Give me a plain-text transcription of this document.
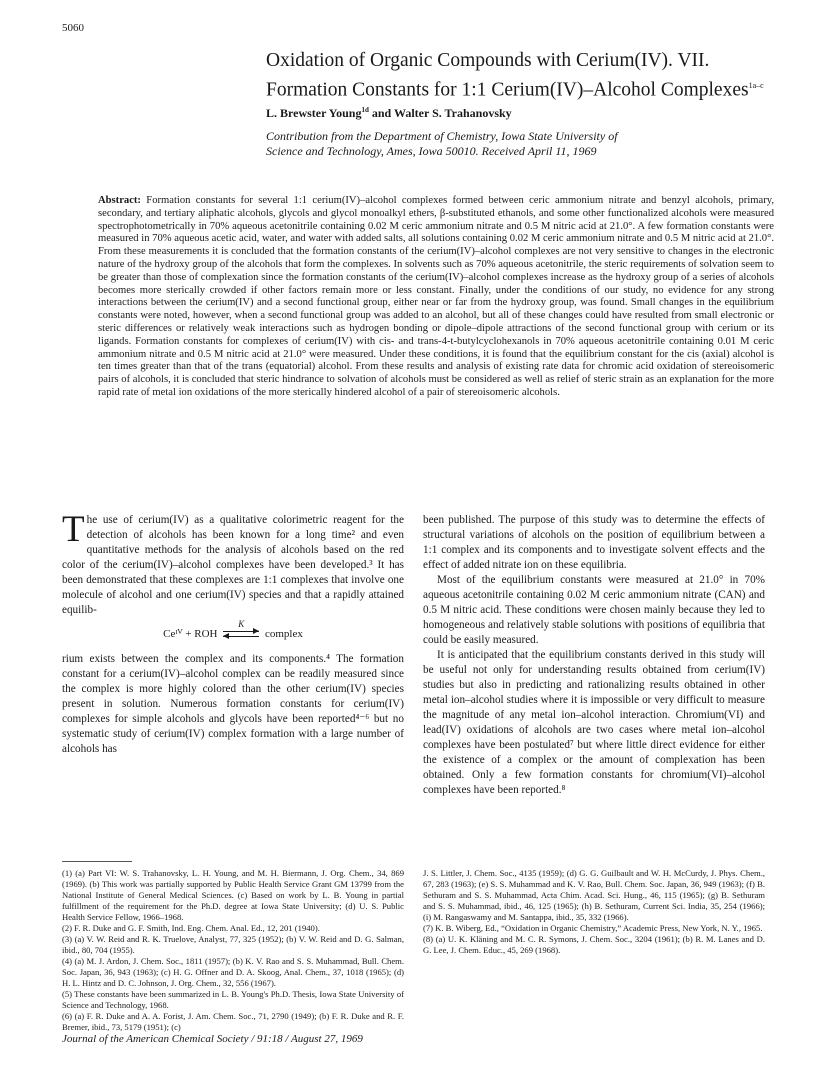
5060
Oxidation of Organic Compounds with Cerium(IV). VII.
Formation Constants for 1:1 Cerium(IV)–Alcohol Complexes$^{1a-c}$
L. Brewster Young$^{1d}$ and Walter S. Trahanovsky
Contribution from the Department of Chemistry, Iowa State University of
Science and Technology, Ames, Iowa 50010. Received April 11, 1969
Abstract: Formation constants for several 1:1 cerium(IV)–alcohol complexes formed between ceric ammonium nitrate and benzyl alcohols, primary, secondary, and tertiary aliphatic alcohols, glycols and glycol monoalkyl ethers, β-substituted ethanols, and some other functionalized alcohols were measured spectrophotometrically in 70% aqueous acetonitrile containing 0.02 M ceric ammonium nitrate and 0.5 M nitric acid at 21.0°. A few formation constants were measured in 70% aqueous acetic acid, water, and water with added salts, all solutions containing 0.02 M ceric ammonium nitrate and 0.5 M nitric acid at 21.0°. From these measurements it is concluded that the formation constants of the cerium(IV)–alcohol complexes are not very sensitive to changes in the electronic nature of the hydroxy group of the alcohols that form the complexes. In solvents such as 70% aqueous acetonitrile, the steric requirements of solvation seem to be greater than those of complexation since the formation constants of the cerium(IV)–alcohol complexes increase as the hydroxy group of a series of alcohols becomes more sterically crowded if other factors remain more or less constant. Finally, under the conditions of our study, no evidence for any strong interactions between the cerium(IV) and a second functional group, either near or far from the hydroxy group, was found. Small changes in the equilibrium constants were noted, however, when a second functional group was added to an alcohol, but all of these changes could have resulted from small electronic or steric differences or relatively weak interactions such as hydrogen bonding or dipole–dipole attractions of the second functional group with cerium or its ligands. Formation constants for complexes of cerium(IV) with cis- and trans-4-t-butylcyclohexanols in 70% aqueous acetonitrile containing 0.01 M ceric ammonium nitrate and 0.5 M nitric acid at 21.0° were measured. Under these conditions, it is found that the equilibrium constant for the cis (axial) alcohol is ten times greater than that of the trans (equatorial) alcohol. From these results and analysis of existing rate data for chromic acid oxidation of stereoisomeric pairs of alcohols, it is concluded that steric hindrance to solvation of alcohols must be considered as well as relief of steric strain as an explanation for the more rapid rate of metal ion oxidations of the more sterically hindered alcohol of a pair of stereoisomeric alcohols.
T he use of cerium(IV) as a qualitative colorimetric reagent for the detection of alcohols has been known for a long time² and even quantitative methods for the analysis of alcohols based on the red color of the cerium(IV)–alcohol complexes have been developed.³ It has been demonstrated that these complexes are 1:1 complexes that involve one molecule of alcohol and one cerium(IV) species and that a rapidly attained equilib-
Ceᴵⱽ + ROH
K
complex
rium exists between the complex and its components.⁴ The formation constant for a cerium(IV)–alcohol complex can be readily measured since the complex is more highly colored than the other cerium(IV) species present in solution. Numerous formation constants for cerium(IV) complexes for simple alcohols and glycols have been reported⁴⁻⁶ but no systematic study of cerium(IV) complex formation with a large number of alcohols has
been published. The purpose of this study was to determine the effects of structural variations of alcohols on the position of equilibrium between a 1:1 complex and its components and to investigate solvent effects and the effect of added nitrate ion on these equilibria.
Most of the equilibrium constants were measured at 21.0° in 70% aqueous acetonitrile containing 0.02 M ceric ammonium nitrate (CAN) and 0.5 M nitric acid. These conditions were chosen mainly because they led to homogeneous and relatively stable solutions with positions of equilibria that could be easily measured.
It is anticipated that the equilibrium constants derived in this study will be useful not only for understanding results obtained from cerium(IV) studies but also in predicting and rationalizing results obtained in other metal ion–alcohol studies where it is impossible or very difficult to measure the magnitude of any metal ion–alcohol interaction. Chromium(VI) and lead(IV) oxidations of alcohols are two cases where metal ion–alcohol complexes have been postulated⁷ but where little direct evidence for either the existence of a complex or the amount of complexation has been obtained. Only a few formation constants for chromium(VI)–alcohol complexes have been reported.⁸
(1) (a) Part VI: W. S. Trahanovsky, L. H. Young, and M. H. Biermann, J. Org. Chem., 34, 869 (1969). (b) This work was partially supported by Public Health Service Grant GM 13799 from the National Institute of General Medical Sciences. (c) Based on work by L. B. Young in partial fulfillment of the requirement for the Ph.D. degree at Iowa State University; (d) U. S. Public Health Service Fellow, 1966–1968.
(2) F. R. Duke and G. F. Smith, Ind. Eng. Chem. Anal. Ed., 12, 201 (1940).
(3) (a) V. W. Reid and R. K. Truelove, Analyst, 77, 325 (1952); (b) V. W. Reid and D. G. Salman, ibid., 80, 704 (1955).
(4) (a) M. J. Ardon, J. Chem. Soc., 1811 (1957); (b) K. V. Rao and S. S. Muhammad, Bull. Chem. Soc. Japan, 36, 943 (1963); (c) H. G. Offner and D. A. Skoog, Anal. Chem., 37, 1018 (1965); (d) H. L. Hintz and D. C. Johnson, J. Org. Chem., 32, 556 (1967).
(5) These constants have been summarized in L. B. Young's Ph.D. Thesis, Iowa State University of Science and Technology, 1968.
(6) (a) F. R. Duke and A. A. Forist, J. Am. Chem. Soc., 71, 2790 (1949); (b) F. R. Duke and R. F. Bremer, ibid., 73, 5179 (1951); (c)
J. S. Littler, J. Chem. Soc., 4135 (1959); (d) G. G. Guilbault and W. H. McCurdy, J. Phys. Chem., 67, 283 (1963); (e) S. S. Muhammad and K. V. Rao, Bull. Chem. Soc. Japan, 36, 949 (1963); (f) B. Sethuram and S. S. Muhammad, Acta Chim. Acad. Sci. Hung., 46, 115 (1965); (g) B. Sethuram and S. S. Muhammad, ibid., 46, 125 (1965); (h) B. Sethuram, Current Sci. India, 35, 254 (1966); (i) M. Rangaswamy and M. Santappa, ibid., 35, 332 (1966).
(7) K. B. Wiberg, Ed., “Oxidation in Organic Chemistry,” Academic Press, New York, N. Y., 1965.
(8) (a) U. K. Kläning and M. C. R. Symons, J. Chem. Soc., 3204 (1961); (b) R. M. Lanes and D. G. Lee, J. Chem. Educ., 45, 269 (1968).
Journal of the American Chemical Society / 91:18 / August 27, 1969
